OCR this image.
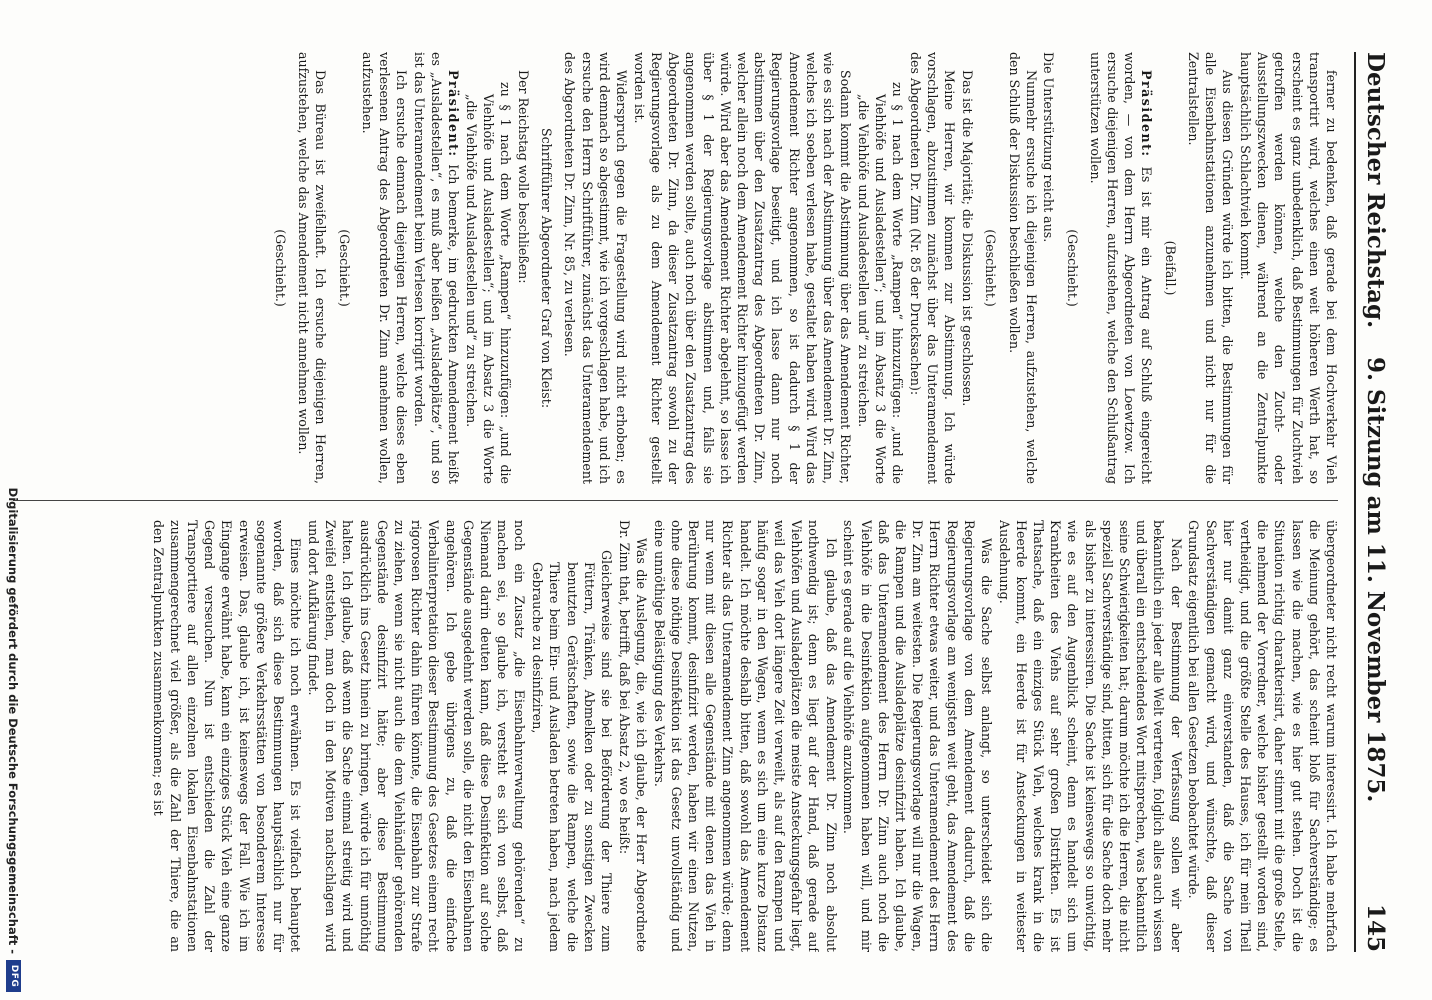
Deutscher Reichstag.
9. Sitzung am 11. November 1875.
145

ferner zu bedenken, daß gerade bei dem Hochverkehr Vieh transportirt wird, welches einen weit höheren Werth hat, so erscheint es ganz unbedenklich, daß Bestimmungen für Zuchtvieh getroffen werden können, welche den Zucht- oder Ausstellungszwecken dienen, während an die Zentralpunkte hauptsächlich Schlachtvieh kommt.

Aus diesen Gründen würde ich bitten, die Bestimmungen für alle Eisenbahnstationen anzunehmen und nicht nur für die Zentralstellen.

(Beifall.)

Präsident: Es ist mir ein Antrag auf Schluß eingereicht worden, — von dem Herrn Abgeordneten von Loewtzow. Ich ersuche diejenigen Herren, aufzustehen, welche den Schlußantrag unterstützen wollen.

(Geschieht.)

Die Unterstützung reicht aus.

Nunmehr ersuche ich diejenigen Herren, aufzustehen, welche den Schluß der Diskussion beschließen wollen.

(Geschieht.)

Das ist die Majorität; die Diskussion ist geschlossen.

Meine Herren, wir kommen zur Abstimmung. Ich würde vorschlagen, abzustimmen zunächst über das Unteramendement des Abgeordneten Dr. Zinn (Nr. 85 der Drucksachen):

zu § 1 nach dem Worte „Rampen“ hinzuzufügen: „und die Viehhöfe und Ausladestellen“; und im Absatz 3 die Worte „die Viehhöfe und Ausladestellen und“ zu streichen.

Sodann kommt die Abstimmung über das Amendement Richter, wie es sich nach der Abstimmung über das Amendement Dr. Zinn, welches ich soeben verlesen habe, gestaltet haben wird. Wird das Amendement Richter angenommen, so ist dadurch § 1 der Regierungsvorlage beseitigt, und ich lasse dann nur noch abstimmen über den Zusatzantrag des Abgeordneten Dr. Zinn, welcher allein noch dem Amendement Richter hinzugefügt werden würde. Wird aber das Amendement Richter abgelehnt, so lasse ich über § 1 der Regierungsvorlage abstimmen und, falls sie angenommen werden sollte, auch noch über den Zusatzantrag des Abgeordneten Dr. Zinn, da dieser Zusatzantrag sowohl zu der Regierungsvorlage als zu dem Amendement Richter gestellt worden ist.

Widerspruch gegen die Fragestellung wird nicht erhoben; es wird demnach so abgestimmt, wie ich vorgeschlagen habe, und ich ersuche den Herrn Schriftführer, zunächst das Unteramendement des Abgeordneten Dr. Zinn, Nr. 85, zu verlesen.

Schriftführer Abgeordneter Graf von Kleist:

Der Reichstag wolle beschließen:

zu § 1 nach dem Worte „Rampen“ hinzuzufügen: „und die Viehhöfe und Ausladestellen“; und im Absatz 3 die Worte „die Viehhöfe und Ausladestellen und“ zu streichen.

Präsident: Ich bemerke, im gedruckten Amendement heißt es „Ausladestellen“, es muß aber heißen „Ausladeplätze“, und so ist das Unteramendement beim Verlesen korrigirt worden.

Ich ersuche demnach diejenigen Herren, welche dieses eben verlesenen Antrag des Abgeordneten Dr. Zinn annehmen wollen, aufzustehen.

(Geschieht.)

Das Büreau ist zweifelhaft. Ich ersuche diejenigen Herren, aufzustehen, welche das Amendement nicht annehmen wollen.

(Geschieht.)

übergeordneter nicht recht warum interessirt. Ich habe mehrfach die Meinung gehört, das scheint bloß für Sachverständige; es lassen wie die machen, wie es hier gut stehen. Doch ist die Situation richtig charakterisirt, daher stimmt mit die große Stelle, die nehmend der Vorredner, welche bisher gestellt worden sind, vertheidigt, und die größte Stelle des Hauses, ich für mein Theil hier nur damit ganz einverstanden, daß die Sache von Sachverständigen gemacht wird, und wünschte, daß dieser Grundsatz eigentlich bei allen Gesetzen beobachtet würde.

Nach der Bestimmung der Verfassung sollen wir aber bekanntlich ein jeder alle Welt vertreten, folglich alles auch wissen und überall ein entscheidendes Wort mitsprechen, was bekanntlich seine Schwierigkeiten hat; darum möchte ich die Herren, die nicht speziell Sachverständige sind, bitten, sich für die Sache doch mehr als bisher zu interessiren. Die Sache ist keineswegs so unwichtig, wie es auf den Augenblick scheint, denn es handelt sich um Krankheiten des Viehs auf sehr großen Distrikten. Es ist Thatsache, daß ein einziges Stück Vieh, welches krank in die Heerde kommt, ein Heerde ist für Ansteckungen in weitester Ausdehnung.

Was die Sache selbst anlangt, so unterscheidet sich die Regierungsvorlage von dem Amendement dadurch, daß die Regierungsvorlage am wenigsten weit geht, das Amendement des Herrn Richter etwas weiter, und das Unteramendement des Herrn Dr. Zinn am weitesten. Die Regierungsvorlage will nur die Wagen, die Rampen und die Ausladeplätze desinfizirt haben. Ich glaube, daß das Unteramendement des Herrn Dr. Zinn auch noch die Viehhöfe in die Desinfektion aufgenommen haben will, und mir scheint es gerade auf die Viehhöfe anzukommen.

Ich glaube, daß das Amendement Dr. Zinn noch absolut nothwendig ist; denn es liegt auf der Hand, daß gerade auf Viehhöfen und Ausladeplätzen die meiste Ansteckungsgefahr liegt, weil das Vieh dort längere Zeit verweilt, als auf den Rampen und häufig sogar in den Wagen, wenn es sich um eine kurze Distanz handelt. Ich möchte deshalb bitten, daß sowohl das Amendement Richter als das Unteramendement Zinn angenommen würde; denn nur wenn mit diesen alle Gegenstände mit denen das Vieh in Berührung kommt, desinfizirt werden, haben wir einen Nutzen, ohne diese nöthige Desinfektion ist das Gesetz unvollständig und eine unnöthige Belästigung des Verkehrs.

Was die Auslegung, die, wie ich glaube, der Herr Abgeordnete Dr. Zinn that, betrifft, daß bei Absatz 2, wo es heißt:

Gleicherweise sind sie bei Beförderung der Thiere zum Füttern, Tränken, Abmelken oder zu sonstigen Zwecken benutzten Gerätschaften, sowie die Rampen, welche die Thiere beim Ein- und Ausladen betreten haben, nach jedem Gebrauche zu desinfiziren,

noch ein Zusatz „die Eisenbahnverwaltung gehörenden“ zu machen sei, so glaube ich, versteht es sich von selbst, daß Niemand darin deuten kann, daß diese Desinfektion auf solche Gegenstände ausgedehnt werden solle, die nicht den Eisenbahnen angehören. Ich gebe übrigens zu, daß die einfache Verbalinterpretation dieser Bestimmung des Gesetzes einem recht rigorosen Richter dahin führen könnte, die Eisenbahn zur Strafe zu ziehen, wenn sie nicht auch die dem Viehhändler gehörenden Gegenstände desinfizirt hätte; aber diese Bestimmung ausdrücklich ins Gesetz hinein zu bringen, würde ich für unnöthig halten. Ich glaube, daß wenn die Sache einmal streitig wird und Zweifel entstehen, man doch in den Motiven nachschlagen wird und dort Aufklärung findet.

Eines möchte ich noch erwähnen. Es ist vielfach behauptet worden, daß sich diese Bestimmungen hauptsächlich nur für sogenannte größere Verkehrsstätten von besonderem Interesse erweisen. Das, glaube ich, ist keineswegs der Fall. Wie ich im Eingange erwähnt habe, kann ein einziges Stück Vieh eine ganze Gegend verseuchen. Nun ist entschieden die Zahl der Transporttiere auf allen einzelnen lokalen Eisenbahnstationen zusammengerechnet viel größer, als die Zahl der Thiere, die an den Zentralpunkten zusammenkommen; es ist

Digitalisierung gefördert durch die Deutsche Forschungsgemeinschaft -
DFG
